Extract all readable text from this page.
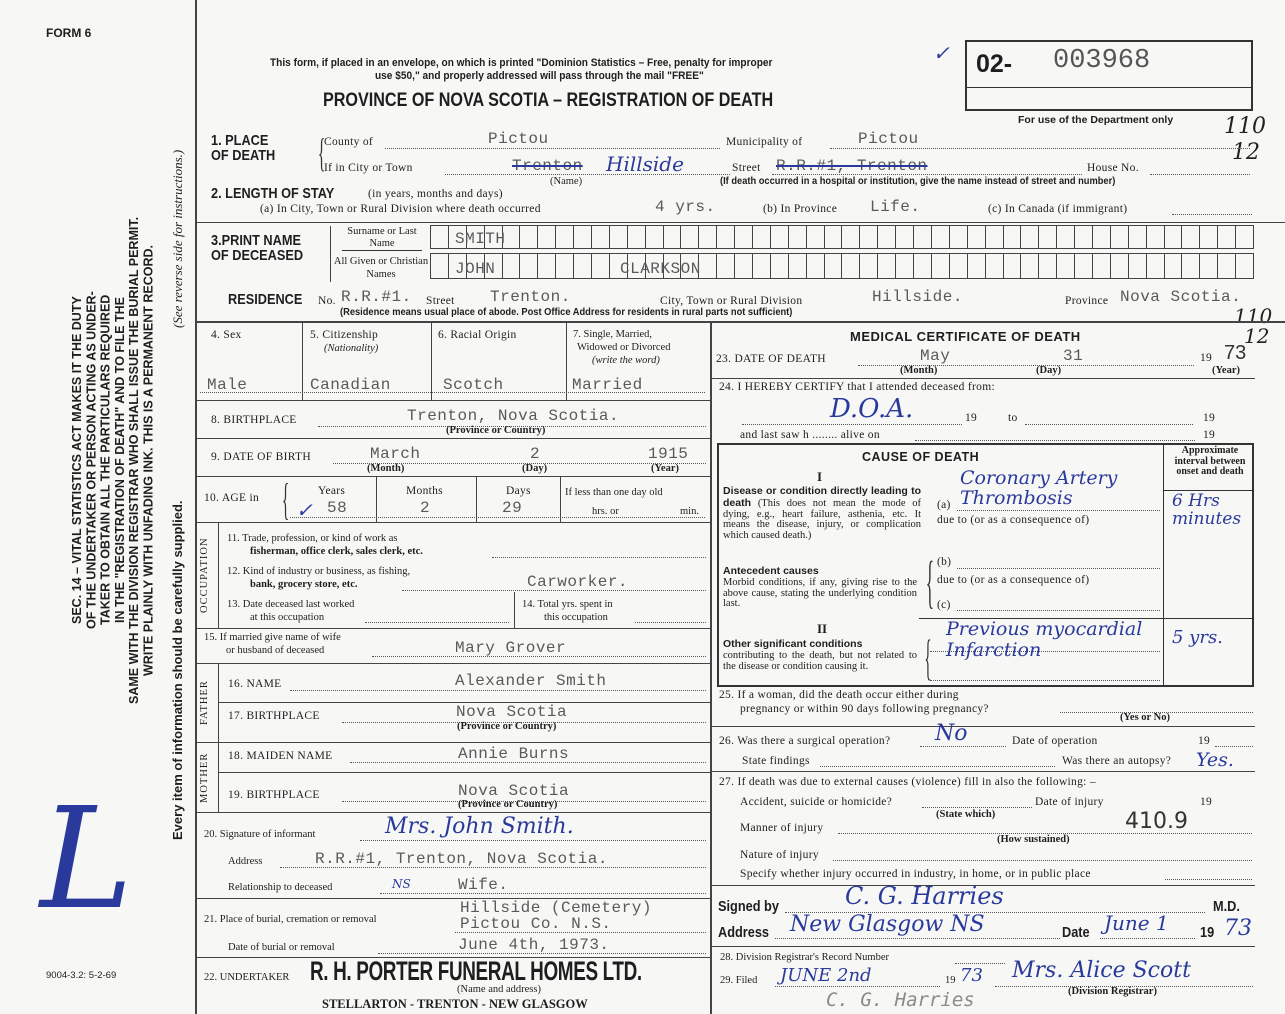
FORM 6
This form, if placed in an envelope, on which is printed "Dominion Statistics – Free, penalty for improper
use $50," and properly addressed will pass through the mail "FREE"
PROVINCE OF NOVA SCOTIA – REGISTRATION OF DEATH
✓ 02- 003968
For use of the Department only 110
12
110
12
SEC. 14 – VITAL STATISTICS ACT MAKES IT THE DUTY OF THE UNDERTAKER OR PERSON ACTING AS UNDER- TAKER TO OBTAIN ALL THE PARTICULARS REQUIRED IN THE "REGISTRATION OF DEATH" AND TO FILE THE SAME WITH THE DIVISION REGISTRAR WHO SHALL ISSUE THE BURIAL PERMIT. WRITE PLAINLY WITH UNFADING INK. THIS IS A PERMANENT RECORD. Every item of information should be carefully supplied.
(See reverse side for instructions.)
9004-3.2: 5-2-69
L
1. PLACE OF DEATH {
County of	Pictou	Municipality of	Pictou
If in City or Town	Trenton Hillside
(Name)
Street R.R.#1, Trenton	House No.
(If death occurred in a hospital or institution, give the name instead of street and number)
2. LENGTH OF STAY	(in years, months and days)
(a) In City, Town or Rural Division where death occurred	4 yrs.	(b) In Province Life.	(c) In Canada (if immigrant)
3.PRINT NAME OF DECEASED
Surname or Last Name
All Given or Christian Names
SMITH
JOHN	CLARKSON
RESIDENCE No. R.R.#1. Street Trenton.	City, Town or Rural Division	Hillside.	Province Nova Scotia.
(Residence means usual place of abode. Post Office Address for residents in rural parts not sufficient)
4. Sex
Male
5. Citizenship
(Nationality)
Canadian
6. Racial Origin
Scotch
7. Single, Married,
Widowed or Divorced
(write the word)
Married
8. BIRTHPLACE	Trenton, Nova Scotia.
(Province or Country)
9. DATE OF BIRTH	March	2	1915
(Month)	(Day)	(Year)
10. AGE in { ✓
Years
58
Months
2
Days
29
If less than one day old
hrs. or	min.
OCCUPATION 11. Trade, profession, or kind of work as
fisherman, office clerk, sales clerk, etc.
12. Kind of industry or business, as fishing,
bank, grocery store, etc.	Carworker.
13. Date deceased last worked
at this occupation
14. Total yrs. spent in
this occupation
15. If married give name of wife
or husband of deceased	Mary Grover
FATHER 16. NAME	Alexander Smith
17. BIRTHPLACE	Nova Scotia
(Province or Country)
MOTHER 18. MAIDEN NAME	Annie Burns
19. BIRTHPLACE	Nova Scotia
(Province or Country)
20. Signature of informant	Mrs. John Smith.
Address	R.R.#1, Trenton, Nova Scotia.
Relationship to deceased	NS	Wife.
21. Place of burial, cremation or removal
Hillside (Cemetery)
Pictou Co. N.S.
Date of burial or removal	June 4th, 1973.
22. UNDERTAKER R. H. PORTER FUNERAL HOMES LTD.
(Name and address)
STELLARTON - TRENTON - NEW GLASGOW
MEDICAL CERTIFICATE OF DEATH
23. DATE OF DEATH	May	31	19 73
(Month)	(Day)	(Year)
24. I HEREBY CERTIFY that I attended deceased from:
D.O.A.	19	to	19
and last saw h ........ alive on	19
CAUSE OF DEATH	Approximate interval between onset and death
I
Disease or condition directly leading to death (This does not mean the mode of dying, e.g., heart failure, asthenia, etc. It means the disease, injury, or complication which caused death.)
(a)
due to (or as a consequence of)
Coronary Artery Thrombosis	6 Hrs minutes
Antecedent causes
Morbid conditions, if any, giving rise to the above cause, stating the underlying condition last.	{ (b)
due to (or as a consequence of)
(c)
II
Other significant conditions
contributing to the death, but not related to the disease or condition causing it.	{ Previous myocardial Infarction
5 yrs.
25. If a woman, did the death occur either during
pregnancy or within 90 days following pregnancy?
(Yes or No)
26. Was there a surgical operation? No	Date of operation	19
State findings	Was there an autopsy? Yes.
27. If death was due to external causes (violence) fill in also the following: –
Accident, suicide or homicide?
(State which)
Date of injury	19
Manner of injury
(How sustained)
410.9
Nature of injury
Specify whether injury occurred in industry, in home, or in public place
Signed by	C. G. Harries	M.D.
Address New Glasgow NS	Date June 1 19 73
28. Division Registrar's Record Number
29. Filed JUNE 2nd	19 73 Mrs. Alice Scott
(Division Registrar)
C. G. Harries
